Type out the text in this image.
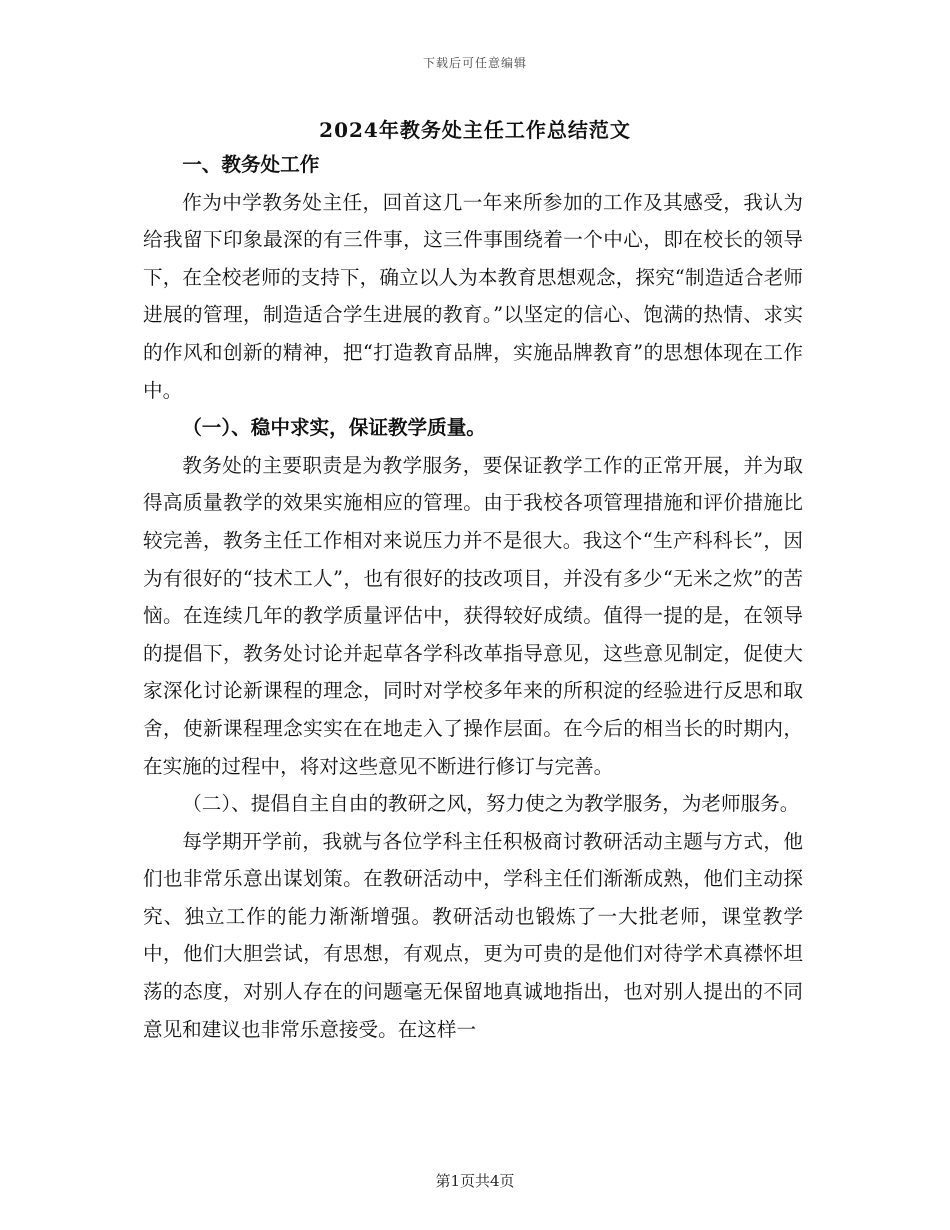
下载后可任意编辑
2024年教务处主任工作总结范文

一、教务处工作

作为中学教务处主任，回首这几一年来所参加的工作及其感受，我认为给我留下印象最深的有三件事，这三件事围绕着一个中心，即在校长的领导下，在全校老师的支持下，确立以人为本教育思想观念，探究“制造适合老师进展的管理，制造适合学生进展的教育。”以坚定的信心、饱满的热情、求实的作风和创新的精神，把“打造教育品牌，实施品牌教育”的思想体现在工作中。

（一）、稳中求实，保证教学质量。

教务处的主要职责是为教学服务，要保证教学工作的正常开展，并为取得高质量教学的效果实施相应的管理。由于我校各项管理措施和评价措施比较完善，教务主任工作相对来说压力并不是很大。我这个“生产科科长”，因为有很好的“技术工人”，也有很好的技改项目，并没有多少“无米之炊”的苦恼。在连续几年的教学质量评估中，获得较好成绩。值得一提的是，在领导的提倡下，教务处讨论并起草各学科改革指导意见，这些意见制定，促使大家深化讨论新课程的理念，同时对学校多年来的所积淀的经验进行反思和取舍，使新课程理念实实在在地走入了操作层面。在今后的相当长的时期内，在实施的过程中，将对这些意见不断进行修订与完善。

（二）、提倡自主自由的教研之风，努力使之为教学服务，为老师服务。

每学期开学前，我就与各位学科主任积极商讨教研活动主题与方式，他们也非常乐意出谋划策。在教研活动中，学科主任们渐渐成熟，他们主动探究、独立工作的能力渐渐增强。教研活动也锻炼了一大批老师，课堂教学中，他们大胆尝试，有思想，有观点，更为可贵的是他们对待学术真襟怀坦荡的态度，对别人存在的问题毫无保留地真诚地指出，也对别人提出的不同意见和建议也非常乐意接受。在这样一

第1页共4页
